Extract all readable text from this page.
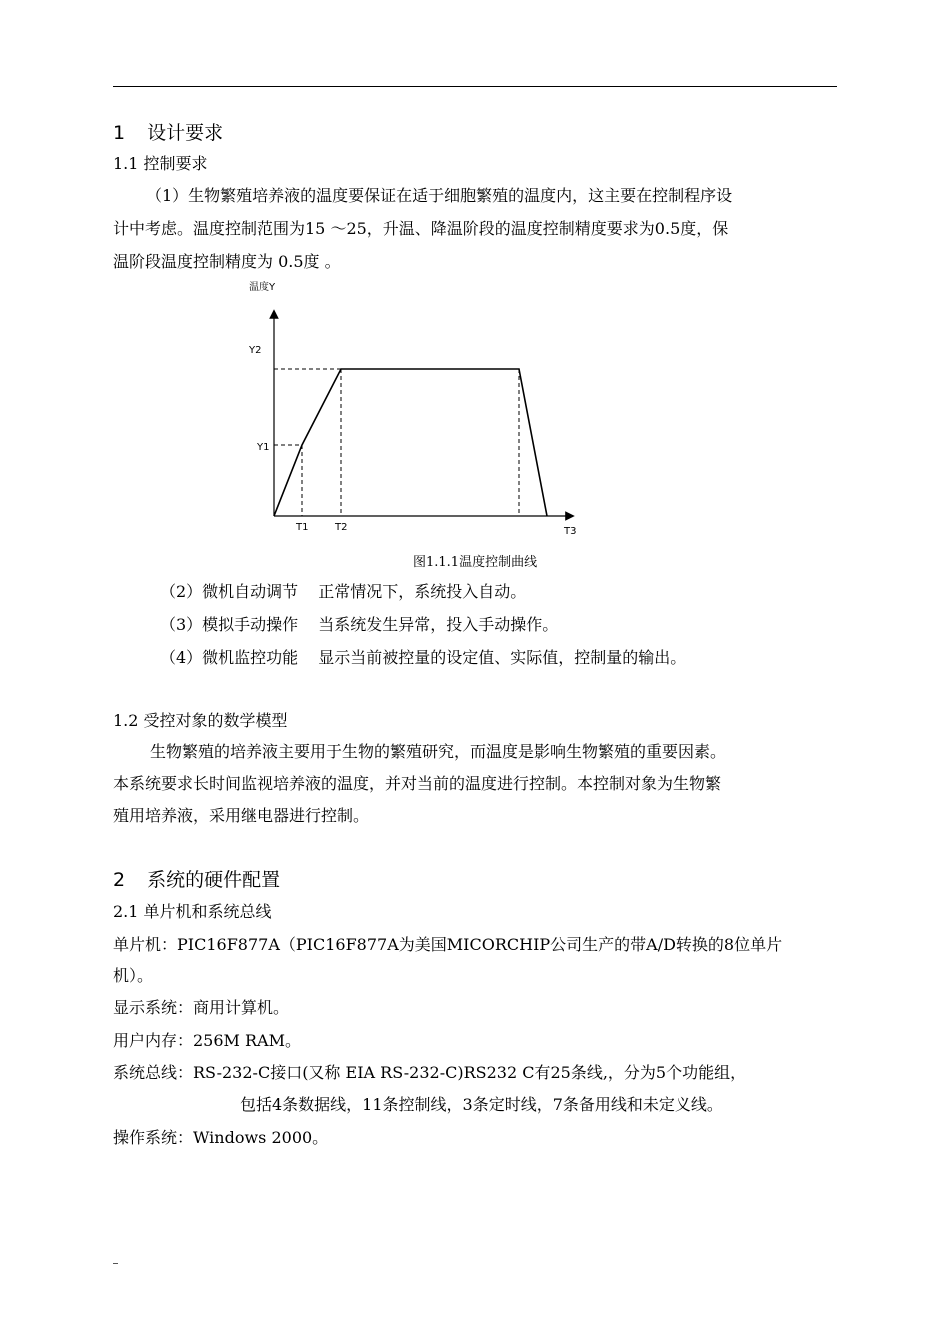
1 设计要求
1.1 控制要求
（1）生物繁殖培养液的温度要保证在适于细胞繁殖的温度内，这主要在控制程序设
计中考虑。温度控制范围为15 ～25，升温、降温阶段的温度控制精度要求为0.5度，保
温阶段温度控制精度为 0.5度 。
温度Y
Y2
Y1
T1	T2	T3
图1.1.1温度控制曲线
（2）微机自动调节 正常情况下，系统投入自动。
（3）模拟手动操作 当系统发生异常，投入手动操作。
（4）微机监控功能 显示当前被控量的设定值、实际值，控制量的输出。
1.2 受控对象的数学模型
生物繁殖的培养液主要用于生物的繁殖研究，而温度是影响生物繁殖的重要因素。
本系统要求长时间监视培养液的温度，并对当前的温度进行控制。本控制对象为生物繁
殖用培养液，采用继电器进行控制。
2 系统的硬件配置
2.1 单片机和系统总线
单片机：PIC16F877A（PIC16F877A为美国MICORCHIP公司生产的带A/D转换的8位单片
机）。
显示系统：商用计算机。
用户内存：256M RAM。
系统总线：RS-232-C接口(又称 EIA RS-232-C)RS232 C有25条线,，分为5个功能组，
包括4条数据线，11条控制线，3条定时线，7条备用线和未定义线。
操作系统：Windows 2000。
